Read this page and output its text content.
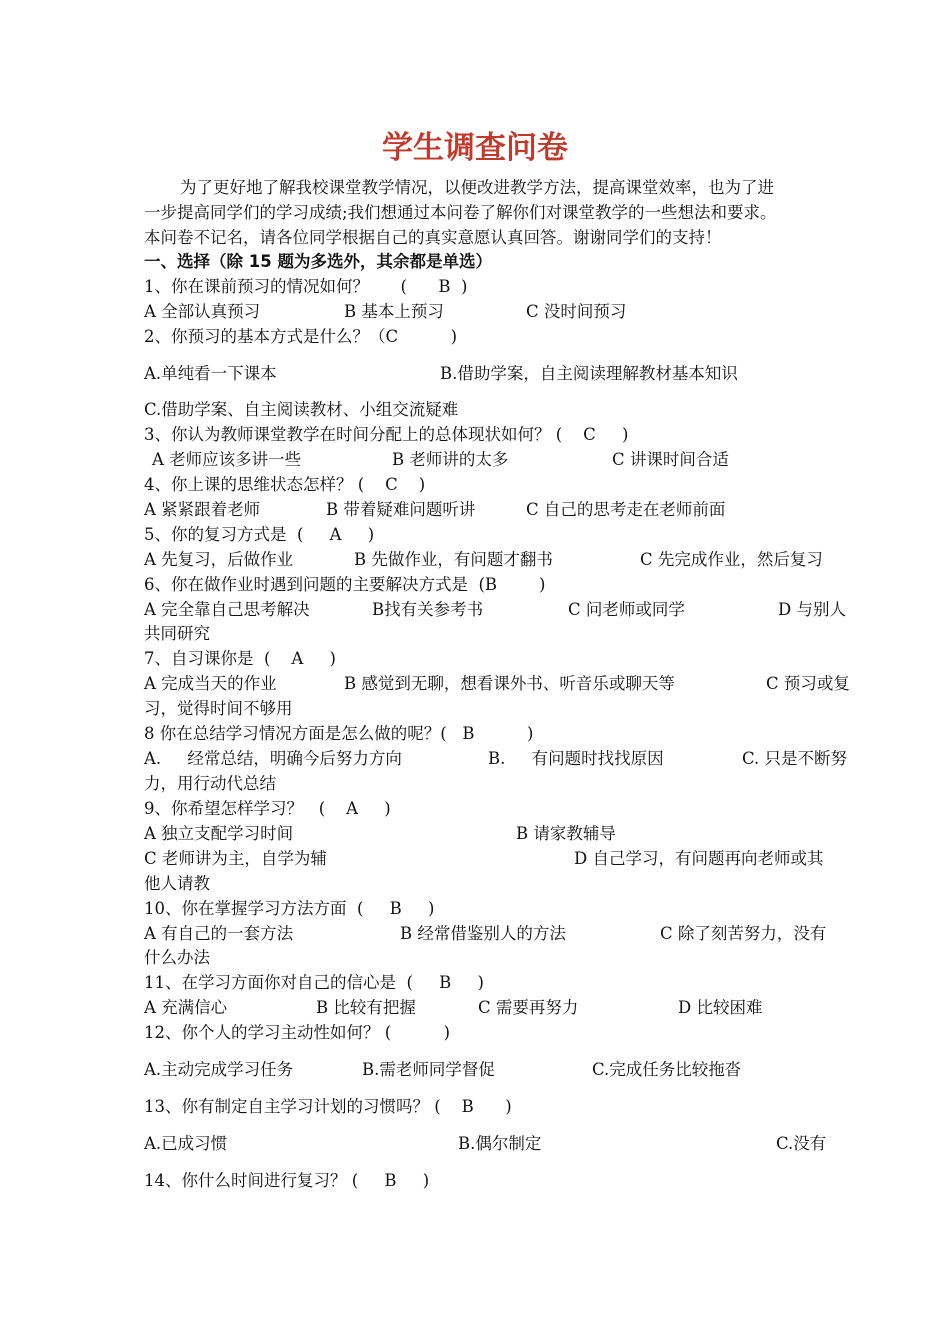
学生调查问卷
为了更好地了解我校课堂教学情况，以便改进教学方法，提高课堂效率，也为了进
一步提高同学们的学习成绩;我们想通过本问卷了解你们对课堂教学的一些想法和要求。
本问卷不记名，请各位同学根据自己的真实意愿认真回答。谢谢同学们的支持！
一、选择（除 15 题为多选外，其余都是单选）
1、你在课前预习的情况如何？      (      B  )

A 全部认真预习

	B 基本上预习

	C 没时间预习

2、你预习的基本方式是什么？（C          )

A.单纯看一下课本

	B.借助学案，自主阅读理解教材基本知识

C.借助学案、自主阅读教材、小组交流疑难
3、你认为教师课堂教学在时间分配上的总体现状如何？ (    C     )

A 老师应该多讲一些

	B 老师讲的太多

	C 讲课时间合适

4、你上课的思维状态怎样？ (    C    )

A 紧紧跟着老师

	B 带着疑难问题听讲

	C 自己的思考走在老师前面

5、你的复习方式是  (     A     )

A 先复习，后做作业

	B 先做作业，有问题才翻书

	C 先完成作业，然后复习

6、你在做作业时遇到问题的主要解决方式是  (B        )

A 完全靠自己思考解决

	B找有关参考书

	C 问老师或同学

	D 与别人

共同研究
7、自习课你是  (    A     )

A 完成当天的作业

	B 感觉到无聊，想看课外书、听音乐或聊天等

	C 预习或复

习，觉得时间不够用
8 你在总结学习情况方面是怎么做的呢？(   B          )

A.     经常总结，明确今后努力方向

	B.     有问题时找找原因

	C. 只是不断努

力，用行动代总结
9、你希望怎样学习？   (    A     )

A 独立支配学习时间

	B 请家教辅导

C 老师讲为主，自学为辅

	D 自己学习，有问题再向老师或其

他人请教
10、你在掌握学习方法方面  (     B     )

A 有自己的一套方法

	B 经常借鉴别人的方法

	C 除了刻苦努力，没有

什么办法
11、在学习方面你对自己的信心是  (     B     )

A 充满信心

	B 比较有把握

	C 需要再努力

	D 比较困难

12、你个人的学习主动性如何？ (          )

A.主动完成学习任务

	B.需老师同学督促

	C.完成任务比较拖沓

13、你有制定自主学习计划的习惯吗？ (    B      )

A.已成习惯

	B.偶尔制定

	C.没有

14、你什么时间进行复习？ (     B     )
